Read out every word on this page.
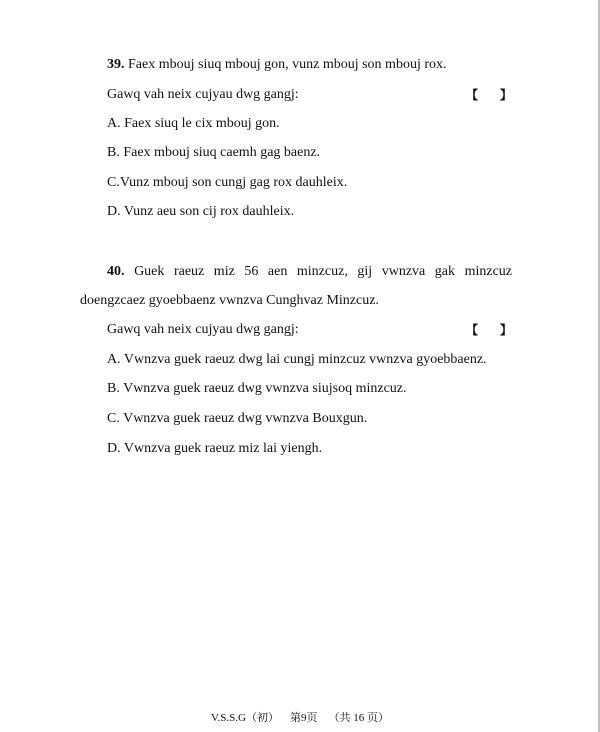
39. Faex mbouj siuq mbouj gon, vunz mbouj son mbouj rox.
Gawq vah neix cujyau dwg gangj:	【 】
A. Faex siuq le cix mbouj gon.
B. Faex mbouj siuq caemh gag baenz.
C.Vunz mbouj son cungj gag rox dauhleix.
D. Vunz aeu son cij rox dauhleix.
40. Guek raeuz miz 56 aen minzcuz, gij vwnzva gak minzcuz
doengzcaez gyoebbaenz vwnzva Cunghvaz Minzcuz.
Gawq vah neix cujyau dwg gangj:	【 】
A. Vwnzva guek raeuz dwg lai cungj minzcuz vwnzva gyoebbaenz.
B. Vwnzva guek raeuz dwg vwnzva siujsoq minzcuz.
C. Vwnzva guek raeuz dwg vwnzva Bouxgun.
D. Vwnzva guek raeuz miz lai yiengh.
V.S.S.G（初） 第9页 （共 16 页）
